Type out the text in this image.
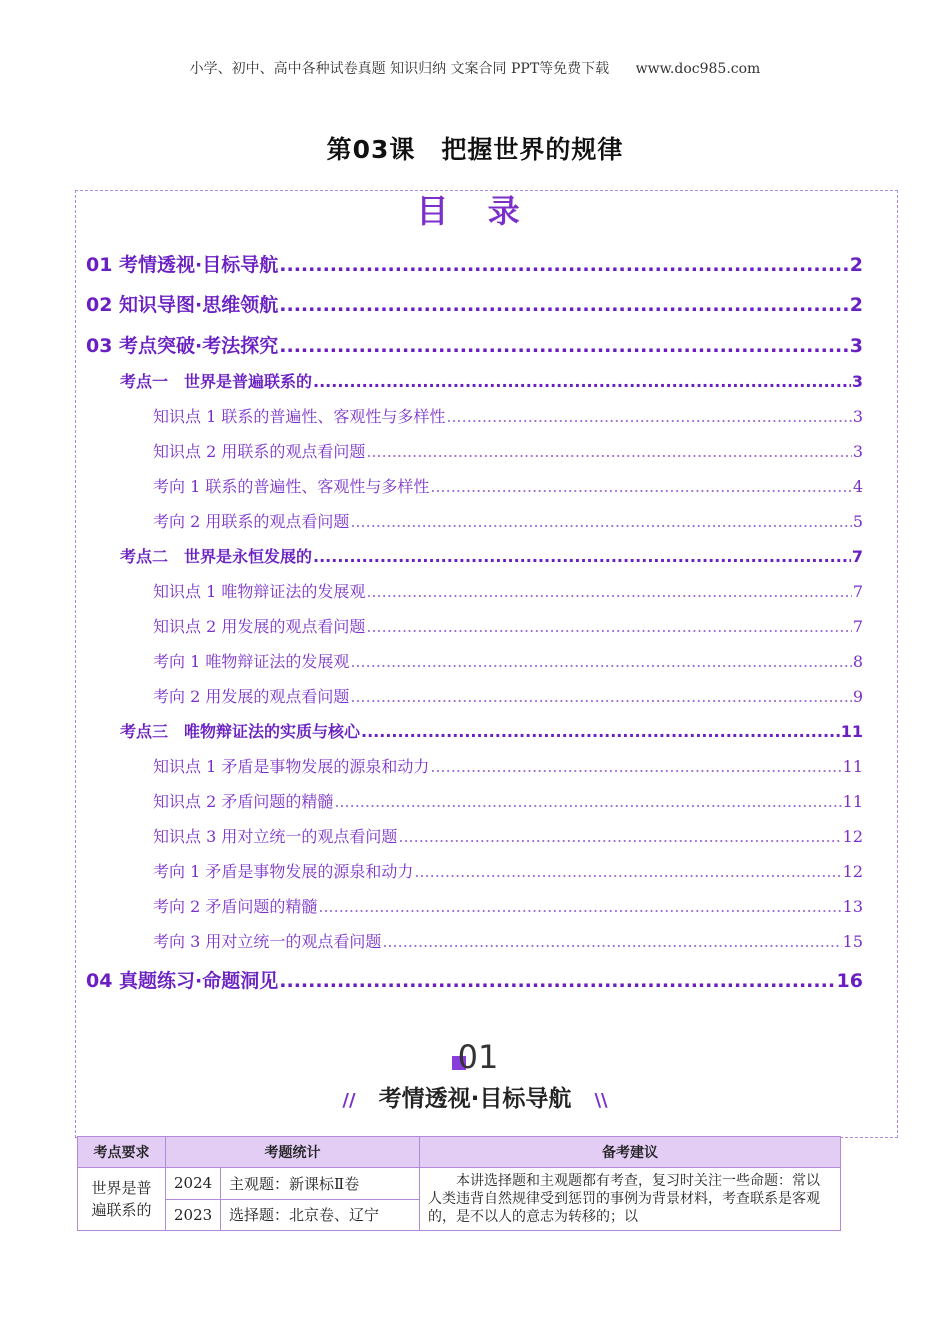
小学、初中、高中各种试卷真题 知识归纳 文案合同 PPT等免费下载 www.doc985.com
第03课 把握世界的规律
目 录
01 考情透视·目标导航 .....	2
02 知识导图·思维领航 .....	2
03 考点突破·考法探究 .....	3
考点一　世界是普遍联系的 .....	3
知识点 1 联系的普遍性、客观性与多样性 .....	3
知识点 2 用联系的观点看问题 .....	3
考向 1 联系的普遍性、客观性与多样性 .....	4
考向 2 用联系的观点看问题 .....	5
考点二　世界是永恒发展的 .....	7
知识点 1 唯物辩证法的发展观 .....	7
知识点 2 用发展的观点看问题 .....	7
考向 1 唯物辩证法的发展观 .....	8
考向 2 用发展的观点看问题 .....	9
考点三　唯物辩证法的实质与核心 .....	11
知识点 1 矛盾是事物发展的源泉和动力 .....	11
知识点 2 矛盾问题的精髓 .....	11
知识点 3 用对立统一的观点看问题 .....	12
考向 1 矛盾是事物发展的源泉和动力 .....	12
考向 2 矛盾问题的精髓 .....	13
考向 3 用对立统一的观点看问题 .....	15
04 真题练习·命题洞见 .....	16
01
// 考情透视·目标导航 \\
考点要求	考题统计		备考建议
世界是普遍联系的	2024	主观题：新课标Ⅱ卷	本讲选择题和主观题都有考查，复习时关注一些命题：常以人类违背自然规律受到惩罚的事例为背景材料，考查联系是客观的，是不以人的意志为转移的；以
	2023	选择题：北京卷、辽宁	
